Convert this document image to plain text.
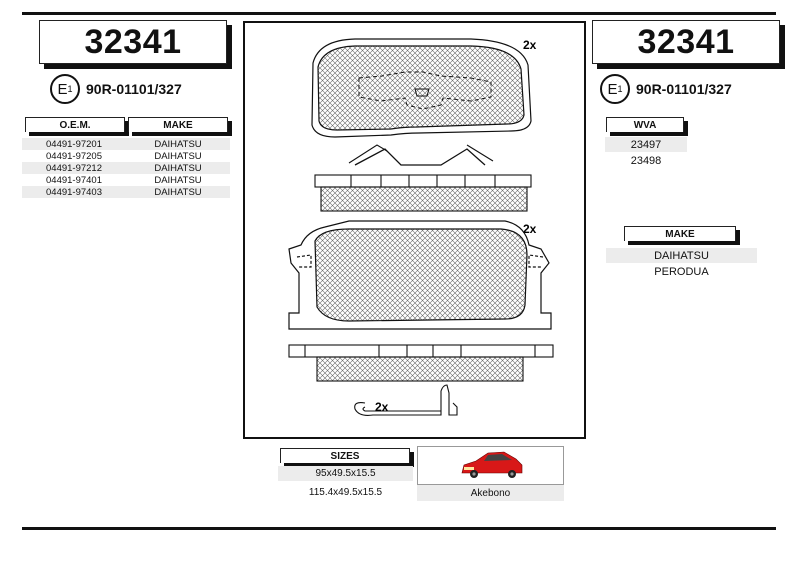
32341	32341
E 1 90R-01101/327	E 1 90R-01101/327
O.E.M.	MAKE
04491-97201	DAIHATSU
04491-97205	DAIHATSU
04491-97212	DAIHATSU
04491-97401	DAIHATSU
04491-97403	DAIHATSU
WVA
23497
23498
MAKE
DAIHATSU
PERODUA
2x
2x
2x
SIZES
95x49.5x15.5
115.4x49.5x15.5	Akebono
